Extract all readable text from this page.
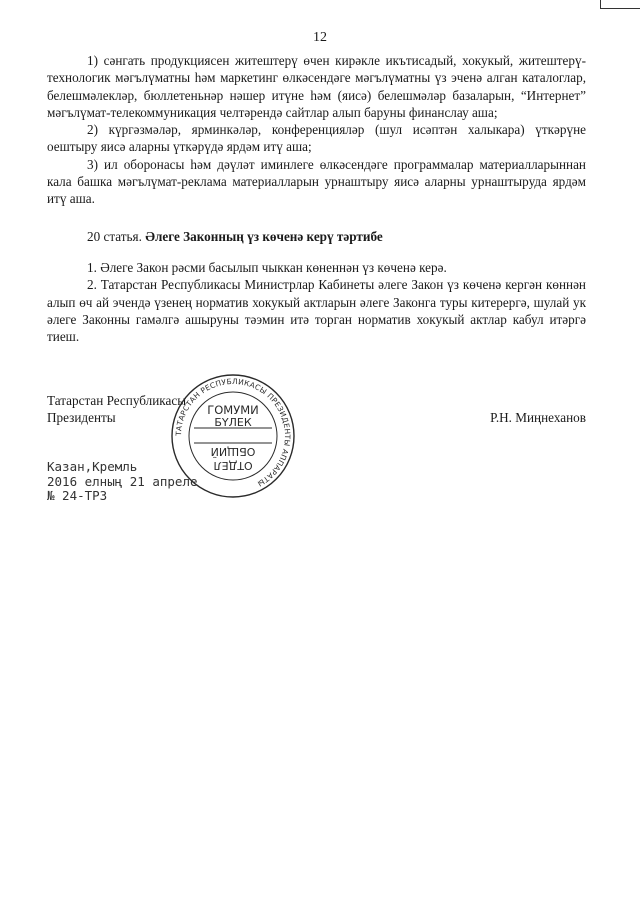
12

1) сәнгать продукциясен житештерү өчен кирәкле икътисадый, хокукый, житештерү-технологик мәгълүматны һәм маркетинг өлкәсендәге мәгълүматны үз эченә алган каталоглар, белешмәлекләр, бюллетеньнәр нәшер итүне һәм (яисә) белешмәләр базаларын, “Интернет” мәгълүмат-телекоммуникация челтәрендә сайтлар алып баруны финанслау аша;

2) күргәзмәләр, ярминкәләр, конференцияләр (шул исәптән халыкара) үткәрүне оештыру яисә аларны үткәрүдә ярдәм итү аша;

3) ил оборонасы һәм дәүләт иминлеге өлкәсендәге программалар материалларыннан кала башка мәгълүмат-реклама материалларын урнаштыру яисә аларны урнаштыруда ярдәм итү аша.

20 статья. Әлеге Законның үз көченә керү тәртибе

1. Әлеге Закон рәсми басылып чыккан көненнән үз көченә керә.

2. Татарстан Республикасы Министрлар Кабинеты әлеге Закон үз көченә кергән көннән алып өч ай эчендә үзенең норматив хокукый актларын әлеге Законга туры китерергә, шулай ук әлеге Законны гамәлгә ашыруны тәэмин итә торган норматив хокукый актлар кабул итәргә тиеш.

Татарстан Республикасы
Президенты	Р.Н. Миңнеханов
ТАТАРСТАН РЕСПУБЛИКАСЫ ПРЕЗИДЕНТЫ АППАРАТЫ
ГОМУМИ
БҮЛЕК
ОТДЕЛ
ОБЩИЙ
Казан,Кремль
2016 елның 21 апреле
№ 24-ТРЗ
